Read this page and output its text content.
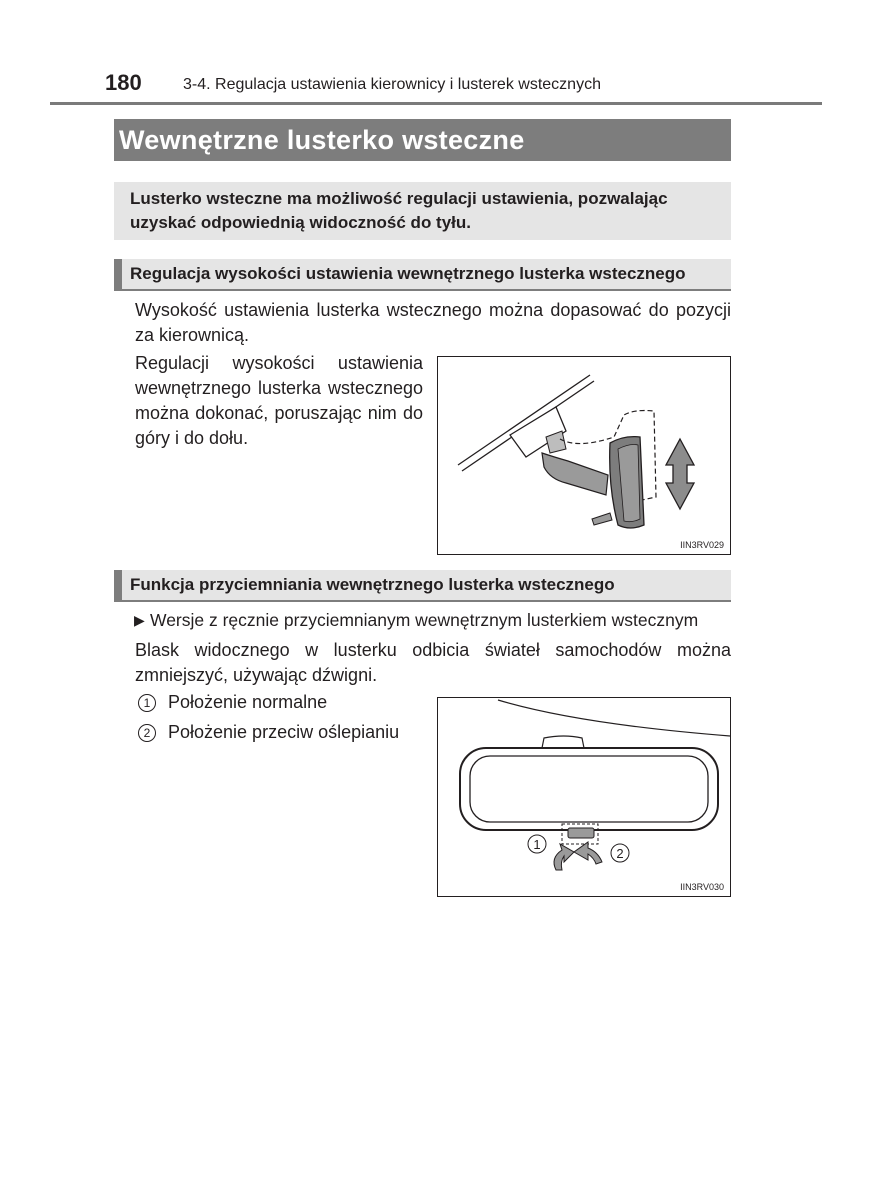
180	3-4. Regulacja ustawienia kierownicy i lusterek wstecznych
Wewnętrzne lusterko wsteczne
Lusterko wsteczne ma możliwość regulacji ustawienia, pozwalając uzyskać odpowiednią widoczność do tyłu.
Regulacja wysokości ustawienia wewnętrznego lusterka wstecznego
Wysokość ustawienia lusterka wstecznego można dopasować do pozycji za kierownicą.
Regulacji wysokości ustawienia wewnętrznego lusterka wstecznego można dokonać, poruszając nim do góry i do dołu.
IIN3RV029
Funkcja przyciemniania wewnętrznego lusterka wstecznego
▶ Wersje z ręcznie przyciemnianym wewnętrznym lusterkiem wstecznym
Blask widocznego w lusterku odbicia świateł samochodów można zmniejszyć, używając dźwigni.
1 Położenie normalne
2 Położenie przeciw oślepianiu
1
2
IIN3RV030
